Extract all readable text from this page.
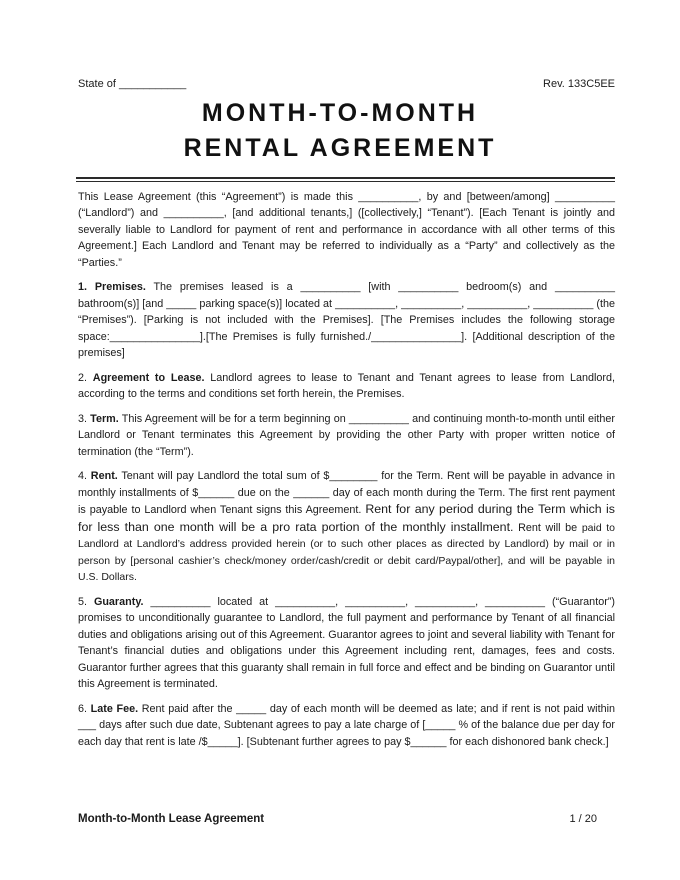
State of ___________	Rev. 133C5EE
MONTH-TO-MONTH
RENTAL AGREEMENT

This Lease Agreement (this “Agreement”) is made this __________, by and [between/among] __________ (“Landlord”) and __________, [and additional tenants,] ([collectively,] “Tenant”). [Each Tenant is jointly and severally liable to Landlord for payment of rent and performance in accordance with all other terms of this Agreement.] Each Landlord and Tenant may be referred to individually as a “Party” and collectively as the “Parties.”

1. Premises. The premises leased is a __________ [with __________ bedroom(s) and __________ bathroom(s)] [and _____ parking space(s)] located at __________, __________, __________, __________ (the “Premises”). [Parking is not included with the Premises]. [The Premises includes the following storage space:_______________].[The Premises is fully furnished./_______________]. [Additional description of the premises]

2. Agreement to Lease. Landlord agrees to lease to Tenant and Tenant agrees to lease from Landlord, according to the terms and conditions set forth herein, the Premises.

3. Term. This Agreement will be for a term beginning on __________ and continuing month-to-month until either Landlord or Tenant terminates this Agreement by providing the other Party with proper written notice of termination (the “Term”).

4. Rent. Tenant will pay Landlord the total sum of $________ for the Term. Rent will be payable in advance in monthly installments of $______ due on the ______ day of each month during the Term. The first rent payment is payable to Landlord when Tenant signs this Agreement. Rent for any period during the Term which is for less than one month will be a pro rata portion of the monthly installment. Rent will be paid to Landlord at Landlord’s address provided herein (or to such other places as directed by Landlord) by mail or in person by [personal cashier’s check/money order/cash/credit or debit card/Paypal/other], and will be payable in U.S. Dollars.

5. Guaranty. __________ located at __________, __________, __________, __________ (“Guarantor”) promises to unconditionally guarantee to Landlord, the full payment and performance by Tenant of all financial duties and obligations arising out of this Agreement. Guarantor agrees to joint and several liability with Tenant for Tenant’s financial duties and obligations under this Agreement including rent, damages, fees and costs. Guarantor further agrees that this guaranty shall remain in full force and effect and be binding on Guarantor until this Agreement is terminated.

6. Late Fee. Rent paid after the _____ day of each month will be deemed as late; and if rent is not paid within ___ days after such due date, Subtenant agrees to pay a late charge of [_____ % of the balance due per day for each day that rent is late /$_____]. [Subtenant further agrees to pay $______ for each dishonored bank check.]

Month-to-Month Lease Agreement	1 / 20
